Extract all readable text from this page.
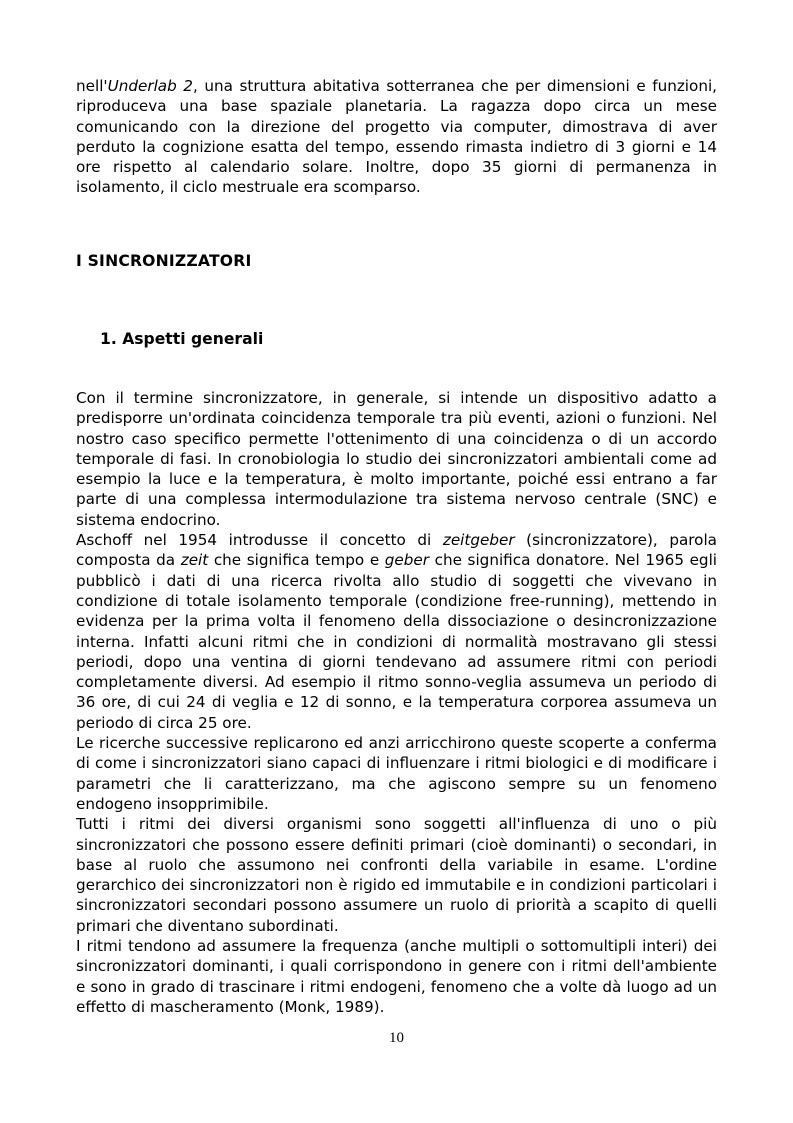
nell'Underlab 2, una struttura abitativa sotterranea che per dimensioni e funzioni, riproduceva una base spaziale planetaria. La ragazza dopo circa un mese comunicando con la direzione del progetto via computer, dimostrava di aver perduto la cognizione esatta del tempo, essendo rimasta indietro di 3 giorni e 14 ore rispetto al calendario solare. Inoltre, dopo 35 giorni di permanenza in isolamento, il ciclo mestruale era scomparso.

I SINCRONIZZATORI
1. Aspetti generali

Con il termine sincronizzatore, in generale, si intende un dispositivo adatto a predisporre un'ordinata coincidenza temporale tra più eventi, azioni o funzioni. Nel nostro caso specifico permette l'ottenimento di una coincidenza o di un accordo temporale di fasi. In cronobiologia lo studio dei sincronizzatori ambientali come ad esempio la luce e la temperatura, è molto importante, poiché essi entrano a far parte di una complessa intermodulazione tra sistema nervoso centrale (SNC) e sistema endocrino.

Aschoff nel 1954 introdusse il concetto di zeitgeber (sincronizzatore), parola composta da zeit che significa tempo e geber che significa donatore. Nel 1965 egli pubblicò i dati di una ricerca rivolta allo studio di soggetti che vivevano in condizione di totale isolamento temporale (condizione free-running), mettendo in evidenza per la prima volta il fenomeno della dissociazione o desincronizzazione interna. Infatti alcuni ritmi che in condizioni di normalità mostravano gli stessi periodi, dopo una ventina di giorni tendevano ad assumere ritmi con periodi completamente diversi. Ad esempio il ritmo sonno-veglia assumeva un periodo di 36 ore, di cui 24 di veglia e 12 di sonno, e la temperatura corporea assumeva un periodo di circa 25 ore.

Le ricerche successive replicarono ed anzi arricchirono queste scoperte a conferma di come i sincronizzatori siano capaci di influenzare i ritmi biologici e di modificare i parametri che li caratterizzano, ma che agiscono sempre su un fenomeno endogeno insopprimibile.

Tutti i ritmi dei diversi organismi sono soggetti all'influenza di uno o più sincronizzatori che possono essere definiti primari (cioè dominanti) o secondari, in base al ruolo che assumono nei confronti della variabile in esame. L'ordine gerarchico dei sincronizzatori non è rigido ed immutabile e in condizioni particolari i sincronizzatori secondari possono assumere un ruolo di priorità a scapito di quelli primari che diventano subordinati.

I ritmi tendono ad assumere la frequenza (anche multipli o sottomultipli interi) dei sincronizzatori dominanti, i quali corrispondono in genere con i ritmi dell'ambiente e sono in grado di trascinare i ritmi endogeni, fenomeno che a volte dà luogo ad un effetto di mascheramento (Monk, 1989).

10
